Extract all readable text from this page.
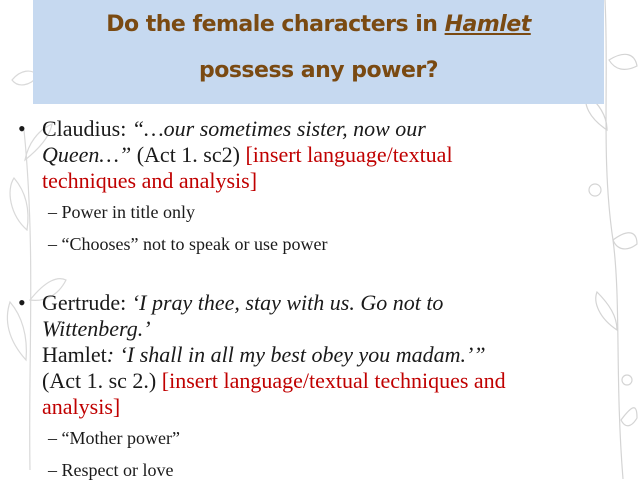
Do the female characters in Hamlet
possess any power?
• Claudius: “…our sometimes sister, now our
Queen…” (Act 1. sc2) [insert language/textual
techniques and analysis]
– Power in title only
– “Chooses” not to speak or use power
• Gertrude: ‘I pray thee, stay with us. Go not to
Wittenberg.’
Hamlet: ‘I shall in all my best obey you madam.’”
(Act 1. sc 2.) [insert language/textual techniques and
analysis]
– “Mother power”
– Respect or love
